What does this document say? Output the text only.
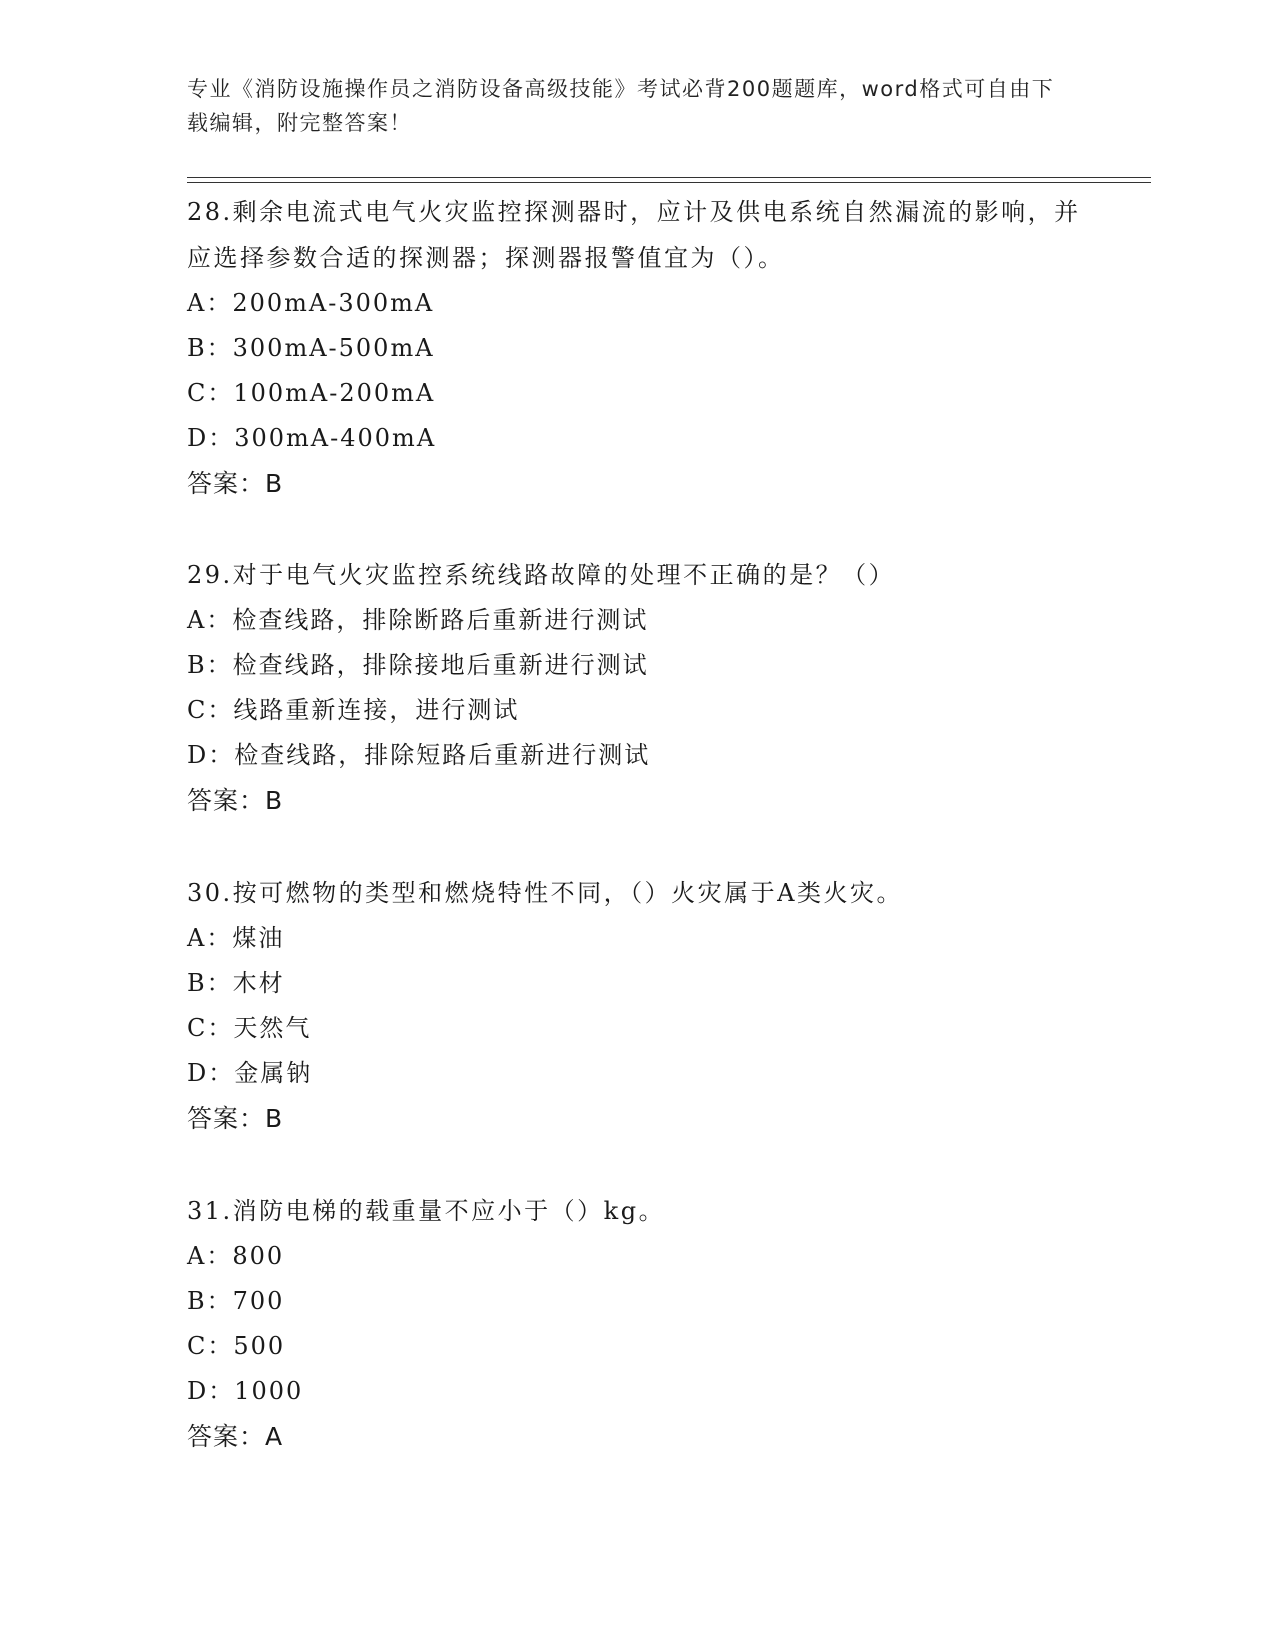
专业《消防设施操作员之消防设备高级技能》考试必背200题题库，word格式可自由下载编辑，附完整答案！

28.剩余电流式电气火灾监控探测器时，应计及供电系统自然漏流的影响，并应选择参数合适的探测器；探测器报警值宜为（）。

A：200mA-300mA

B：300mA-500mA

C：100mA-200mA

D：300mA-400mA

答案：B

29.对于电气火灾监控系统线路故障的处理不正确的是？（）

A：检查线路，排除断路后重新进行测试

B：检查线路，排除接地后重新进行测试

C：线路重新连接，进行测试

D：检查线路，排除短路后重新进行测试

答案：B

30.按可燃物的类型和燃烧特性不同，（）火灾属于A类火灾。

A：煤油

B：木材

C：天然气

D：金属钠

答案：B

31.消防电梯的载重量不应小于（）kg。

A：800

B：700

C：500

D：1000

答案：A
